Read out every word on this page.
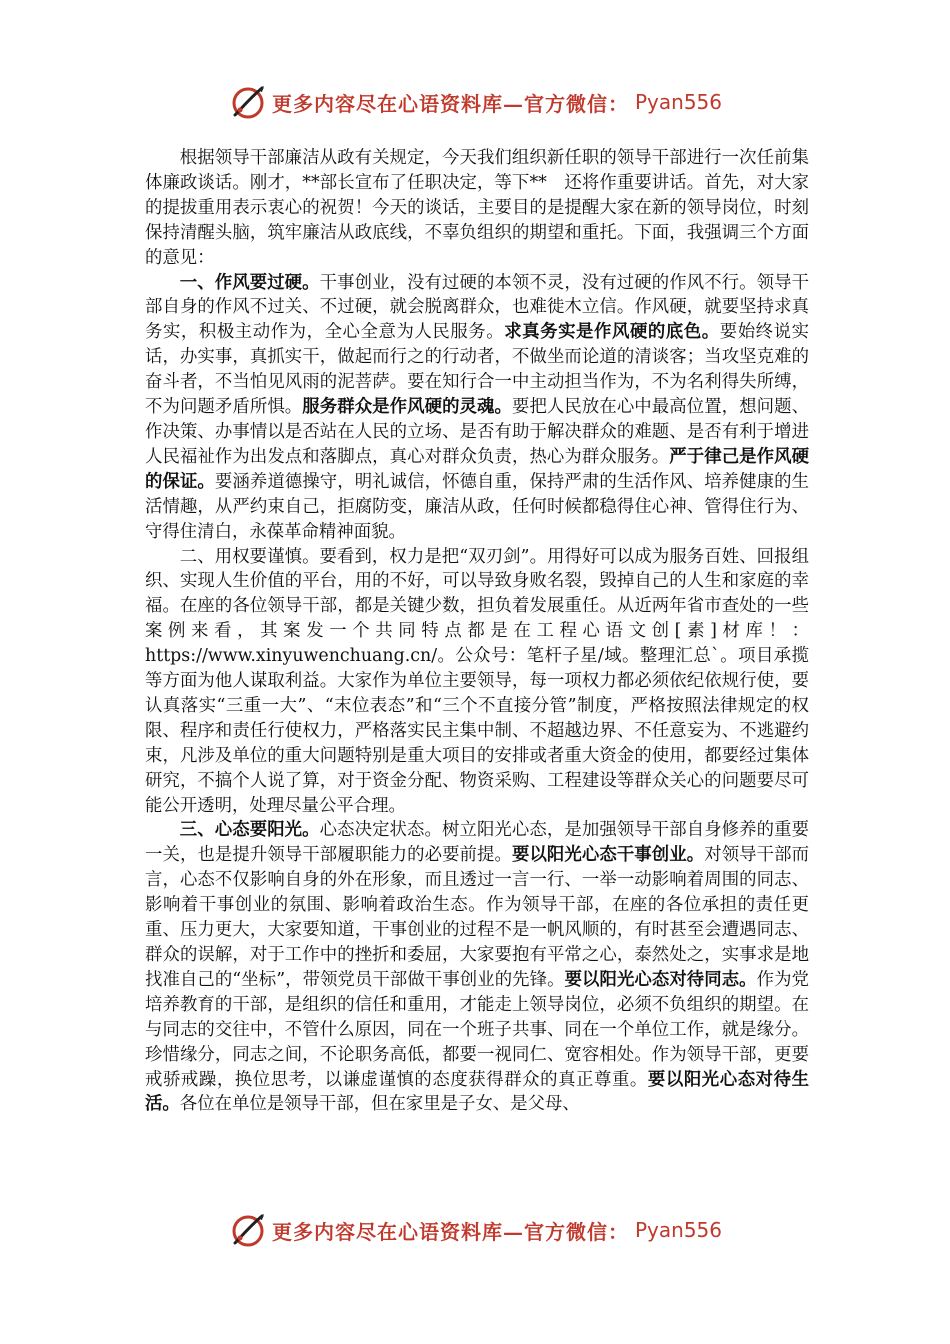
更多内容尽在心语资料库—官方微信： Pyan556

根据领导干部廉洁从政有关规定，今天我们组织新任职的领导干部进行一次任前集体廉政谈话。刚才，**部长宣布了任职决定，等下**　还将作重要讲话。首先，对大家的提拔重用表示衷心的祝贺！今天的谈话，主要目的是提醒大家在新的领导岗位，时刻保持清醒头脑，筑牢廉洁从政底线，不辜负组织的期望和重托。下面，我强调三个方面的意见：

一、作风要过硬。干事创业，没有过硬的本领不灵，没有过硬的作风不行。领导干部自身的作风不过关、不过硬，就会脱离群众，也难徙木立信。作风硬，就要坚持求真务实，积极主动作为，全心全意为人民服务。求真务实是作风硬的底色。要始终说实话，办实事，真抓实干，做起而行之的行动者，不做坐而论道的清谈客；当攻坚克难的奋斗者，不当怕见风雨的泥菩萨。要在知行合一中主动担当作为，不为名利得失所缚，不为问题矛盾所惧。服务群众是作风硬的灵魂。要把人民放在心中最高位置，想问题、作决策、办事情以是否站在人民的立场、是否有助于解决群众的难题、是否有利于增进人民福祉作为出发点和落脚点，真心对群众负责，热心为群众服务。严于律己是作风硬的保证。要涵养道德操守，明礼诚信，怀德自重，保持严肃的生活作风、培养健康的生活情趣，从严约束自己，拒腐防变，廉洁从政，任何时候都稳得住心神、管得住行为、守得住清白，永葆革命精神面貌。

二、用权要谨慎。要看到，权力是把“双刃剑”。用得好可以成为服务百姓、回报组织、实现人生价值的平台，用的不好，可以导致身败名裂，毁掉自己的人生和家庭的幸福。在座的各位领导干部，都是关键少数，担负着发展重任。从近两年省市查处的一些案例来看，其案发一个共同特点都是在工程心语文创[素]材库！：https://www.xinyuwenchuang.cn/。公众号：笔杆子星/域。整理汇总`。项目承揽等方面为他人谋取利益。大家作为单位主要领导，每一项权力都必须依纪依规行使，要认真落实“三重一大”、“末位表态”和“三个不直接分管”制度，严格按照法律规定的权限、程序和责任行使权力，严格落实民主集中制、不超越边界、不任意妄为、不逃避约束，凡涉及单位的重大问题特别是重大项目的安排或者重大资金的使用，都要经过集体研究，不搞个人说了算，对于资金分配、物资采购、工程建设等群众关心的问题要尽可能公开透明，处理尽量公平合理。

三、心态要阳光。心态决定状态。树立阳光心态，是加强领导干部自身修养的重要一关，也是提升领导干部履职能力的必要前提。要以阳光心态干事创业。对领导干部而言，心态不仅影响自身的外在形象，而且透过一言一行、一举一动影响着周围的同志、影响着干事创业的氛围、影响着政治生态。作为领导干部，在座的各位承担的责任更重、压力更大，大家要知道，干事创业的过程不是一帆风顺的，有时甚至会遭遇同志、群众的误解，对于工作中的挫折和委屈，大家要抱有平常之心，泰然处之，实事求是地找准自己的“坐标”，带领党员干部做干事创业的先锋。要以阳光心态对待同志。作为党培养教育的干部，是组织的信任和重用，才能走上领导岗位，必须不负组织的期望。在与同志的交往中，不管什么原因，同在一个班子共事、同在一个单位工作，就是缘分。珍惜缘分，同志之间，不论职务高低，都要一视同仁、宽容相处。作为领导干部，更要戒骄戒躁，换位思考，以谦虚谨慎的态度获得群众的真正尊重。要以阳光心态对待生活。各位在单位是领导干部，但在家里是子女、是父母、

更多内容尽在心语资料库—官方微信： Pyan556
